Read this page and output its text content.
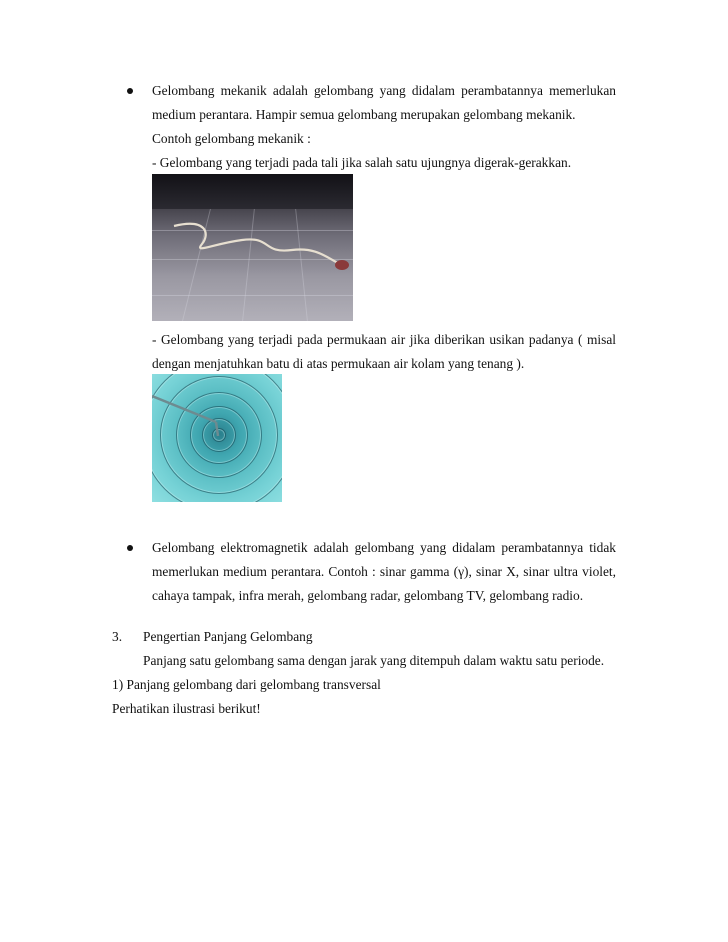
Gelombang mekanik adalah gelombang yang didalam perambatannya memerlukan
medium perantara. Hampir semua gelombang merupakan gelombang mekanik.
Contoh gelombang mekanik :
- Gelombang yang terjadi pada tali jika salah satu ujungnya digerak-gerakkan.
- Gelombang yang terjadi pada permukaan air jika diberikan usikan padanya ( misal
dengan menjatuhkan batu di atas permukaan air kolam yang tenang ).
Gelombang elektromagnetik adalah gelombang yang didalam perambatannya tidak
memerlukan medium perantara. Contoh : sinar gamma (γ), sinar X, sinar ultra violet,
cahaya tampak, infra merah, gelombang radar, gelombang TV, gelombang radio.
3. Pengertian Panjang Gelombang
Panjang satu gelombang sama dengan jarak yang ditempuh dalam waktu satu periode.
1) Panjang gelombang dari gelombang transversal
Perhatikan ilustrasi berikut!
